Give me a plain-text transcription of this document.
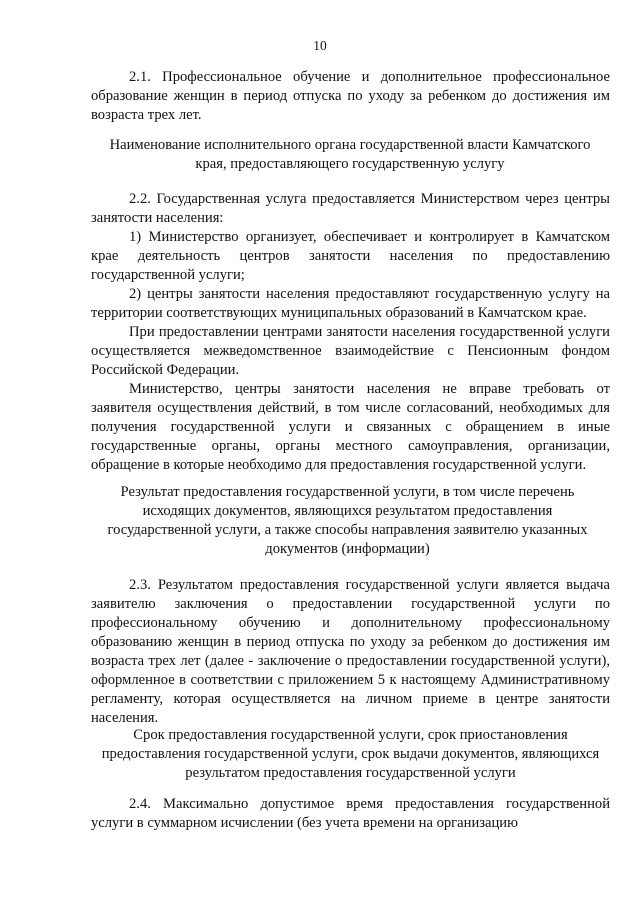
10

2.1. Профессиональное обучение и дополнительное профессиональное образование женщин в период отпуска по уходу за ребенком до достижения им возраста трех лет.

Наименование исполнительного органа государственной власти Камчатского края, предоставляющего государственную услугу

2.2. Государственная услуга предоставляется Министерством через центры занятости населения:

1) Министерство организует, обеспечивает и контролирует в Камчатском крае деятельность центров занятости населения по предоставлению государственной услуги;

2) центры занятости населения предоставляют государственную услугу на территории соответствующих муниципальных образований в Камчатском крае.

При предоставлении центрами занятости населения государственной услуги осуществляется межведомственное взаимодействие с Пенсионным фондом Российской Федерации.

Министерство, центры занятости населения не вправе требовать от заявителя осуществления действий, в том числе согласований, необходимых для получения государственной услуги и связанных с обращением в иные государственные органы, органы местного самоуправления, организации, обращение в которые необходимо для предоставления государственной услуги.

Результат предоставления государственной услуги, в том числе перечень исходящих документов, являющихся результатом предоставления государственной услуги, а также способы направления заявителю указанных документов (информации)

2.3. Результатом предоставления государственной услуги является выдача заявителю заключения о предоставлении государственной услуги по профессиональному обучению и дополнительному профессиональному образованию женщин в период отпуска по уходу за ребенком до достижения им возраста трех лет (далее - заключение о предоставлении государственной услуги), оформленное в соответствии с приложением 5 к настоящему Административному регламенту, которая осуществляется на личном приеме в центре занятости населения.

Срок предоставления государственной услуги, срок приостановления предоставления государственной услуги, срок выдачи документов, являющихся результатом предоставления государственной услуги

2.4. Максимально допустимое время предоставления государственной услуги в суммарном исчислении (без учета времени на организацию
